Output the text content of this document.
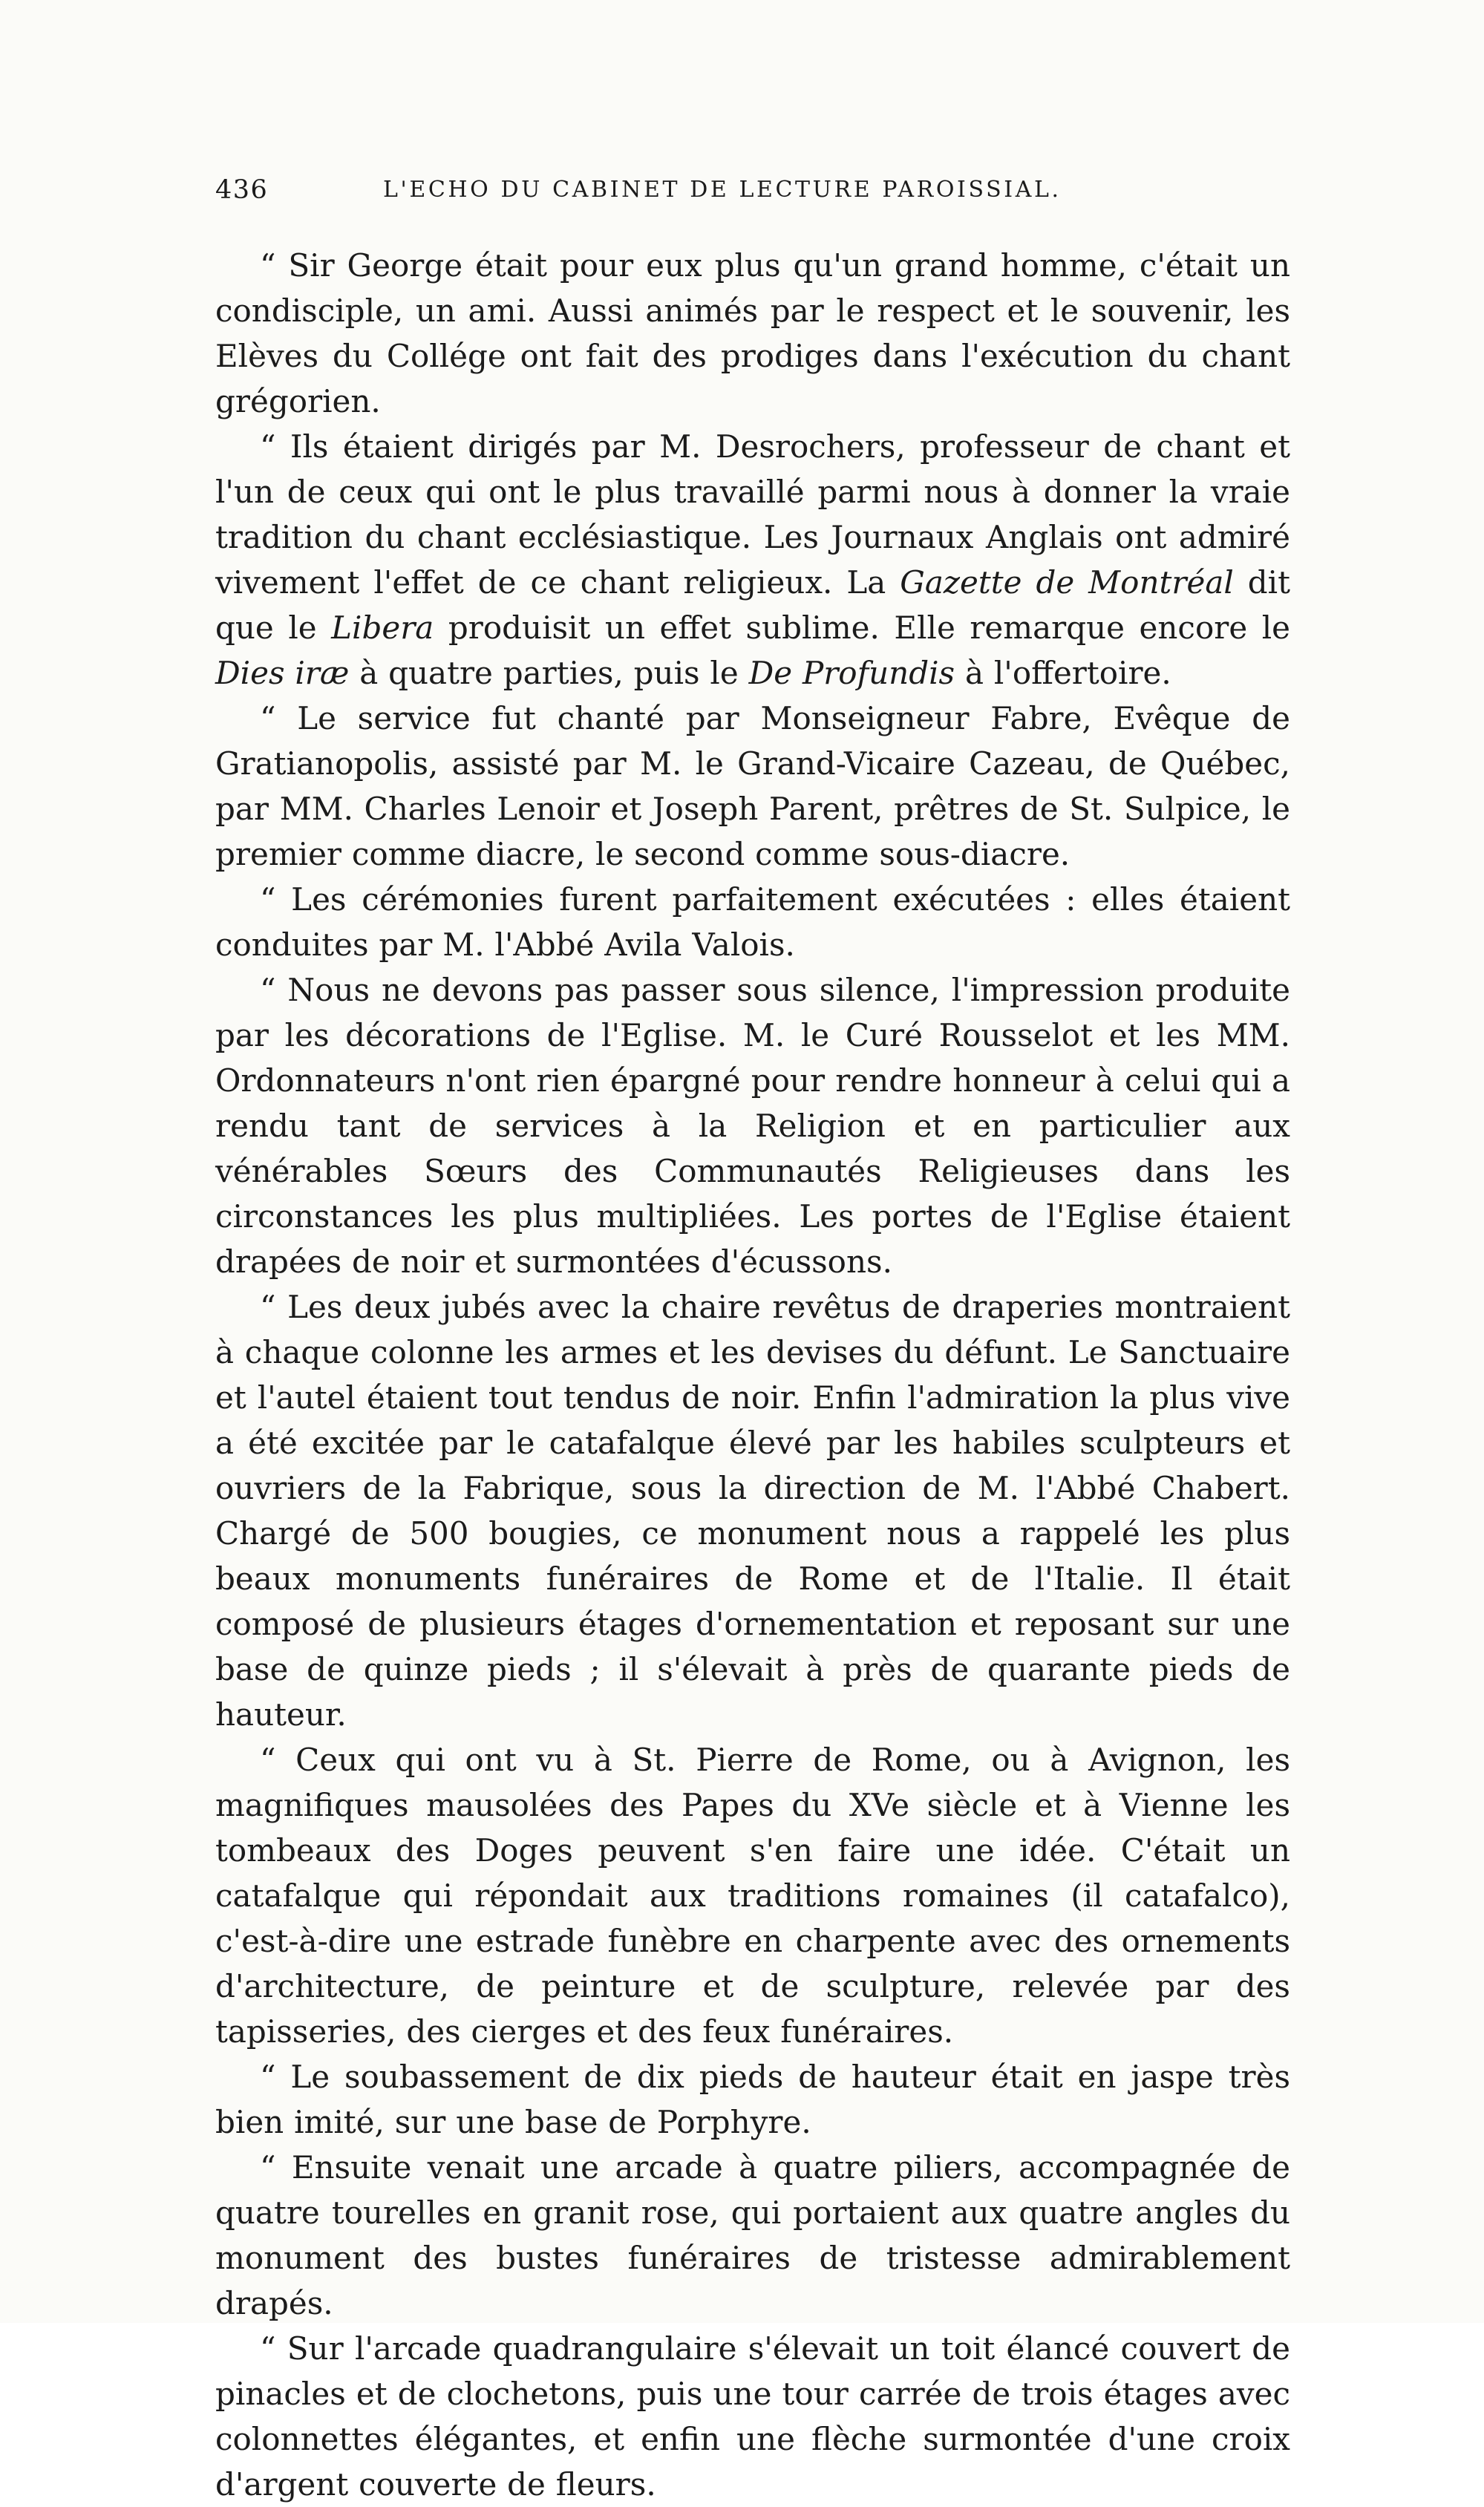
436	L'ECHO DU CABINET DE LECTURE PAROISSIAL.

“ Sir George était pour eux plus qu'un grand homme, c'était un condisciple, un ami. Aussi animés par le respect et le souvenir, les Elèves du Collége ont fait des prodiges dans l'exécution du chant grégorien.

“ Ils étaient dirigés par M. Desrochers, professeur de chant et l'un de ceux qui ont le plus travaillé parmi nous à donner la vraie tradition du chant ecclésiastique. Les Journaux Anglais ont admiré vivement l'effet de ce chant religieux. La Gazette de Montréal dit que le Libera produisit un effet sublime. Elle remarque encore le Dies iræ à quatre parties, puis le De Profundis à l'offertoire.

“ Le service fut chanté par Monseigneur Fabre, Evêque de Gratianopolis, assisté par M. le Grand-Vicaire Cazeau, de Québec, par MM. Charles Lenoir et Joseph Parent, prêtres de St. Sulpice, le premier comme diacre, le second comme sous-diacre.

“ Les cérémonies furent parfaitement exécutées : elles étaient conduites par M. l'Abbé Avila Valois.

“ Nous ne devons pas passer sous silence, l'impression produite par les décorations de l'Eglise. M. le Curé Rousselot et les MM. Ordonnateurs n'ont rien épargné pour rendre honneur à celui qui a rendu tant de services à la Religion et en particulier aux vénérables Sœurs des Communautés Religieuses dans les circonstances les plus multipliées. Les portes de l'Eglise étaient drapées de noir et surmontées d'écussons.

“ Les deux jubés avec la chaire revêtus de draperies montraient à chaque colonne les armes et les devises du défunt. Le Sanctuaire et l'autel étaient tout tendus de noir. Enfin l'admiration la plus vive a été excitée par le catafalque élevé par les habiles sculpteurs et ouvriers de la Fabrique, sous la direction de M. l'Abbé Chabert. Chargé de 500 bougies, ce monument nous a rappelé les plus beaux monuments funéraires de Rome et de l'Italie. Il était composé de plusieurs étages d'ornementation et reposant sur une base de quinze pieds ; il s'élevait à près de quarante pieds de hauteur.

“ Ceux qui ont vu à St. Pierre de Rome, ou à Avignon, les magnifiques mausolées des Papes du XVe siècle et à Vienne les tombeaux des Doges peuvent s'en faire une idée. C'était un catafalque qui répondait aux traditions romaines (il catafalco), c'est-à-dire une estrade funèbre en charpente avec des ornements d'architecture, de peinture et de sculpture, relevée par des tapisseries, des cierges et des feux funéraires.

“ Le soubassement de dix pieds de hauteur était en jaspe très bien imité, sur une base de Porphyre.

“ Ensuite venait une arcade à quatre piliers, accompagnée de quatre tourelles en granit rose, qui portaient aux quatre angles du monument des bustes funéraires de tristesse admirablement drapés.

“ Sur l'arcade quadrangulaire s'élevait un toit élancé couvert de pinacles et de clochetons, puis une tour carrée de trois étages avec colonnettes élégantes, et enfin une flèche surmontée d'une croix d'argent couverte de fleurs.
